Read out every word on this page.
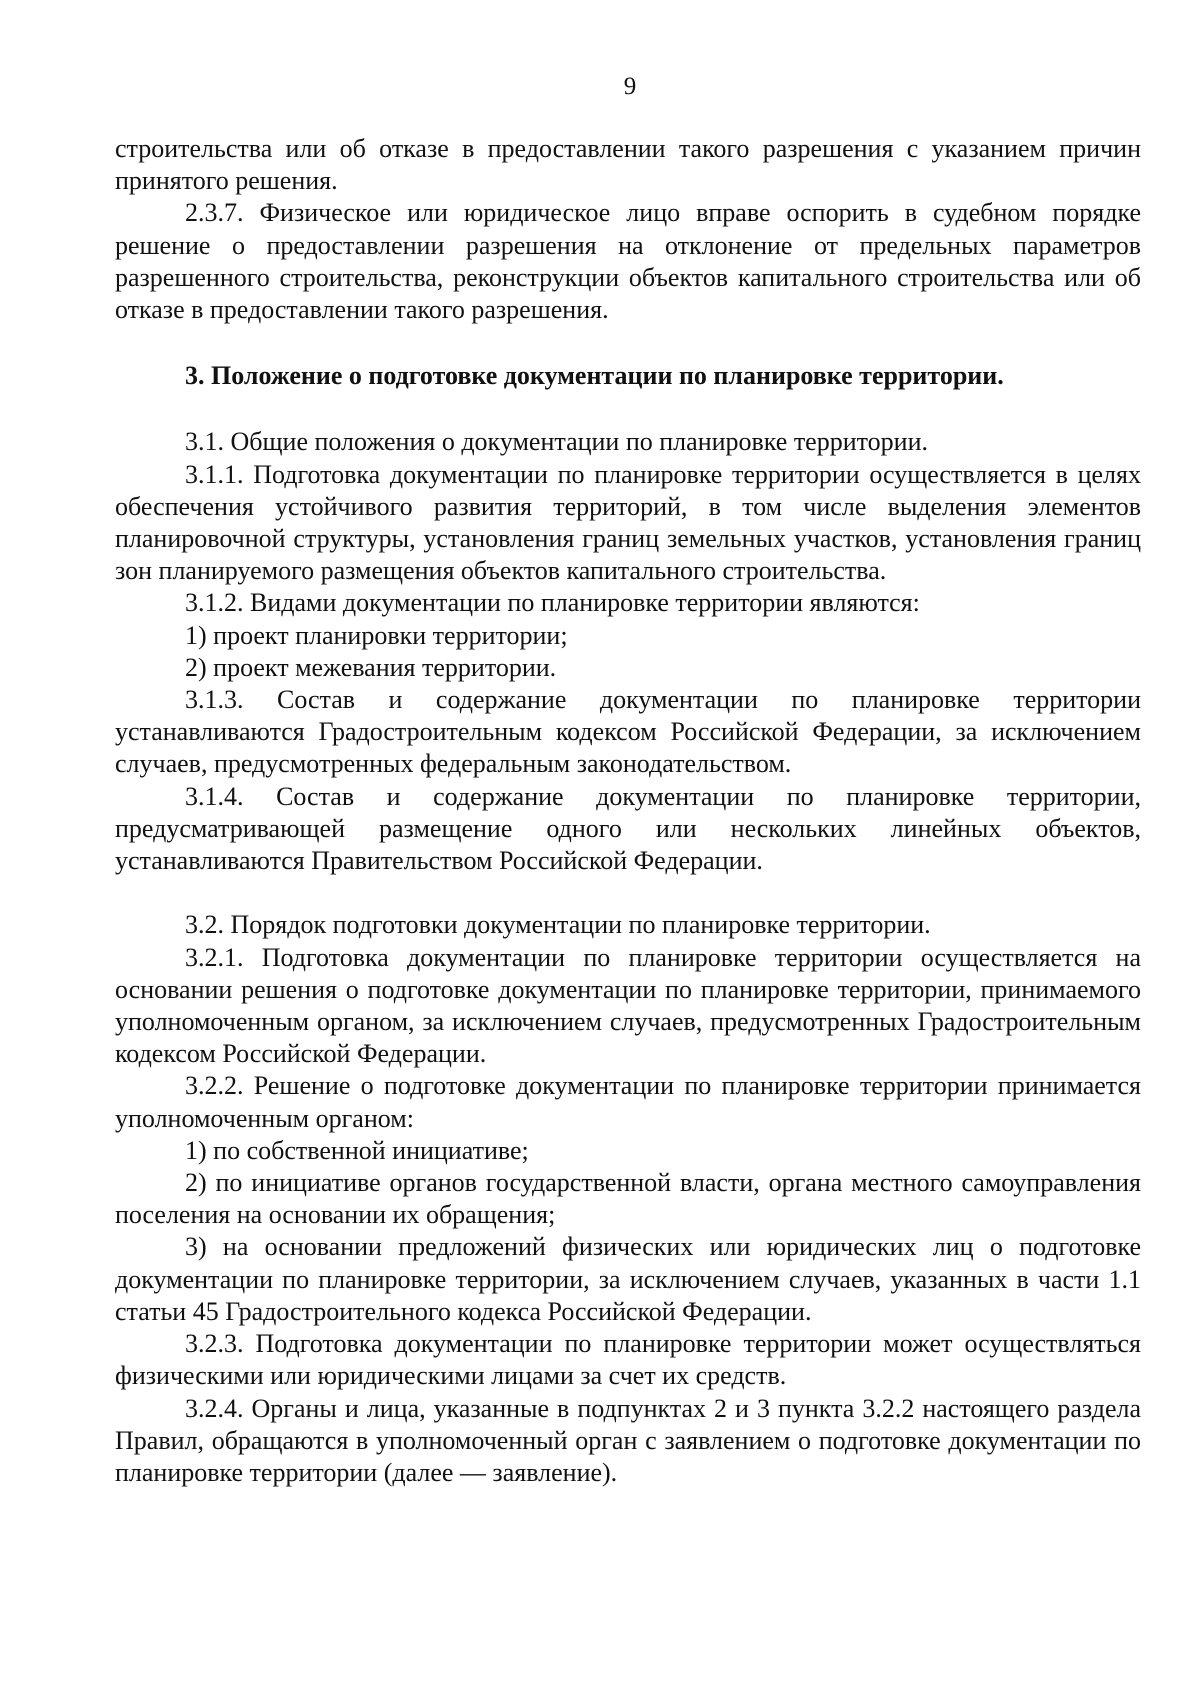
9

строительства или об отказе в предоставлении такого разрешения с указанием причин принятого решения.

2.3.7. Физическое или юридическое лицо вправе оспорить в судебном порядке решение о предоставлении разрешения на отклонение от предельных параметров разрешенного строительства, реконструкции объектов капитального строительства или об отказе в предоставлении такого разрешения.

3. Положение о подготовке документации по планировке территории.

3.1. Общие положения о документации по планировке территории.

3.1.1. Подготовка документации по планировке территории осуществляется в целях обеспечения устойчивого развития территорий, в том числе выделения элементов планировочной структуры, установления границ земельных участков, установления границ зон планируемого размещения объектов капитального строительства.

3.1.2. Видами документации по планировке территории являются:

1) проект планировки территории;

2) проект межевания территории.

3.1.3. Состав и содержание документации по планировке территории устанавливаются Градостроительным кодексом Российской Федерации, за исключением случаев, предусмотренных федеральным законодательством.

3.1.4. Состав и содержание документации по планировке территории, предусматривающей размещение одного или нескольких линейных объектов, устанавливаются Правительством Российской Федерации.

3.2. Порядок подготовки документации по планировке территории.

3.2.1. Подготовка документации по планировке территории осуществляется на основании решения о подготовке документации по планировке территории, принимаемого уполномоченным органом, за исключением случаев, предусмотренных Градостроительным кодексом Российской Федерации.

3.2.2. Решение о подготовке документации по планировке территории принимается уполномоченным органом:

1) по собственной инициативе;

2) по инициативе органов государственной власти, органа местного самоуправления поселения на основании их обращения;

3) на основании предложений физических или юридических лиц о подготовке документации по планировке территории, за исключением случаев, указанных в части 1.1 статьи 45 Градостроительного кодекса Российской Федерации.

3.2.3. Подготовка документации по планировке территории может осуществляться физическими или юридическими лицами за счет их средств.

3.2.4. Органы и лица, указанные в подпунктах 2 и 3 пункта 3.2.2 настоящего раздела Правил, обращаются в уполномоченный орган с заявлением о подготовке документации по планировке территории (далее — заявление).
